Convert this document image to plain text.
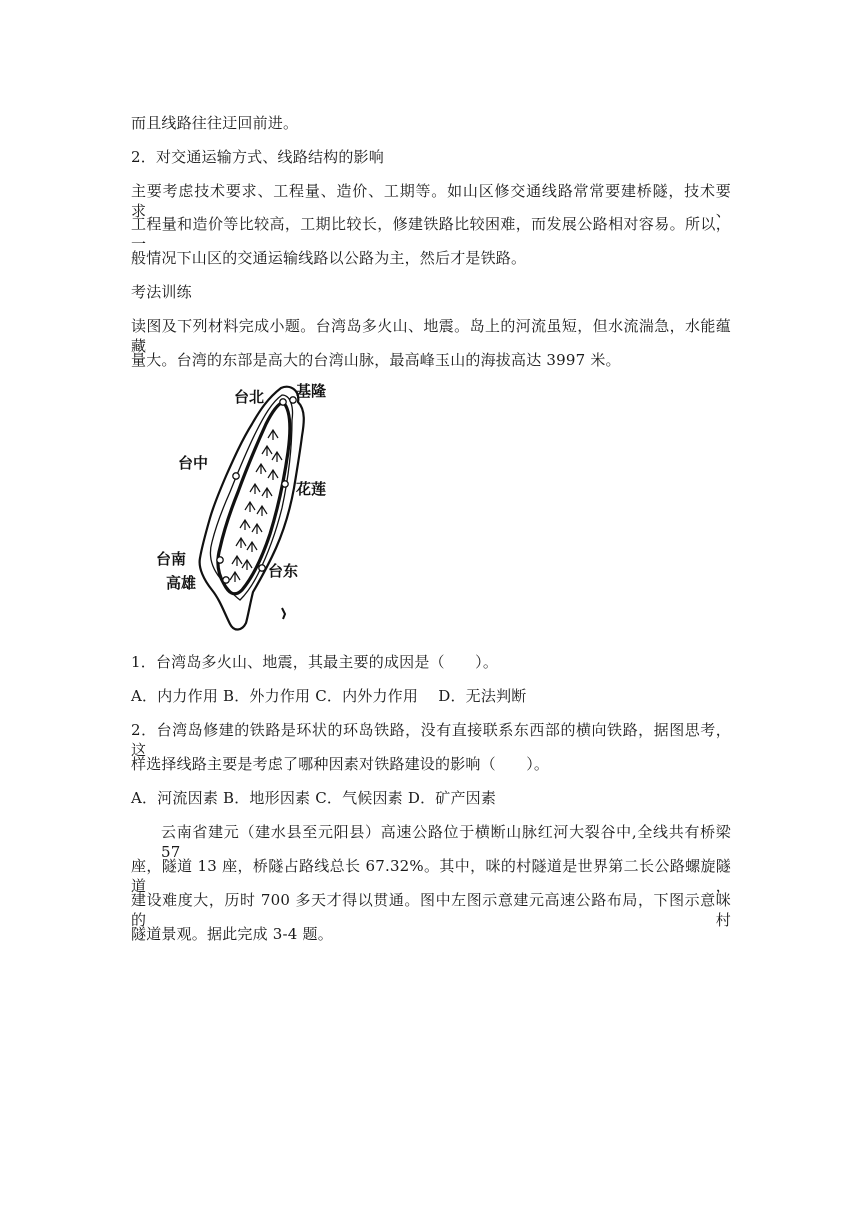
而且线路往往迂回前进。
2．对交通运输方式、线路结构的影响
主要考虑技术要求、工程量、造价、工期等。如山区修交通线路常常要建桥隧，技术要求、
工程量和造价等比较高，工期比较长，修建铁路比较困难，而发展公路相对容易。所以，一
般情况下山区的交通运输线路以公路为主，然后才是铁路。
考法训练
读图及下列材料完成小题。台湾岛多火山、地震。岛上的河流虽短，但水流湍急，水能蕴藏
量大。台湾的东部是高大的台湾山脉，最高峰玉山的海拔高达 3997 米。
台北 基隆
台中
花莲
台南
高雄
台东
1．台湾岛多火山、地震，其最主要的成因是（　　）。
A．内力作用 B．外力作用 C．内外力作用　 D．无法判断
2．台湾岛修建的铁路是环状的环岛铁路，没有直接联系东西部的横向铁路，据图思考，这
样选择线路主要是考虑了哪种因素对铁路建设的影响（　　）。
A．河流因素 B．地形因素 C．气候因素 D．矿产因素
云南省建元（建水县至元阳县）高速公路位于横断山脉红河大裂谷中,全线共有桥梁 57
座，隧道 13 座，桥隧占路线总长 67.32%。其中，咪的村隧道是世界第二长公路螺旋隧道，
建设难度大，历时 700 多天才得以贯通。图中左图示意建元高速公路布局，下图示意咪的村
隧道景观。据此完成 3-4 题。
